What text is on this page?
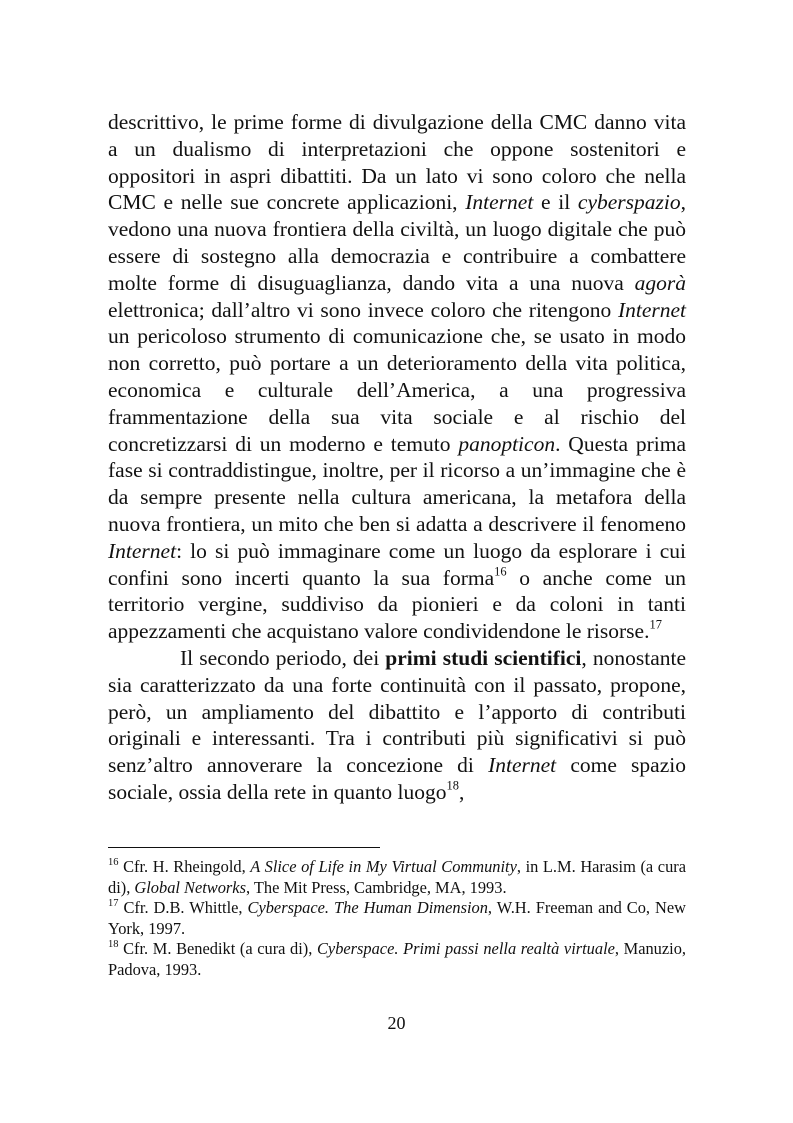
descrittivo, le prime forme di divulgazione della CMC danno vita a un dualismo di interpretazioni che oppone sostenitori e oppositori in aspri dibattiti. Da un lato vi sono coloro che nella CMC e nelle sue concrete applicazioni, Internet e il cyberspazio, vedono una nuova frontiera della civiltà, un luogo digitale che può essere di sostegno alla democrazia e contribuire a combattere molte forme di disuguaglianza, dando vita a una nuova agorà elettronica; dall’altro vi sono invece coloro che ritengono Internet un pericoloso strumento di comunicazione che, se usato in modo non corretto, può portare a un deterioramento della vita politica, economica e culturale dell’America, a una progressiva frammentazione della sua vita sociale e al rischio del concretizzarsi di un moderno e temuto panopticon. Questa prima fase si contraddistingue, inoltre, per il ricorso a un’immagine che è da sempre presente nella cultura americana, la metafora della nuova frontiera, un mito che ben si adatta a descrivere il fenomeno Internet: lo si può immaginare come un luogo da esplorare i cui confini sono incerti quanto la sua forma$^{16}$ o anche come un territorio vergine, suddiviso da pionieri e da coloni in tanti appezzamenti che acquistano valore condividendone le risorse.$^{17}$

Il secondo periodo, dei primi studi scientifici, nonostante sia caratterizzato da una forte continuità con il passato, propone, però, un ampliamento del dibattito e l’apporto di contributi originali e interessanti. Tra i contributi più significativi si può senz’altro annoverare la concezione di Internet come spazio sociale, ossia della rete in quanto luogo$^{18}$,

$^{16}$ Cfr. H. Rheingold, A Slice of Life in My Virtual Community, in L.M. Harasim (a cura di), Global Networks, The Mit Press, Cambridge, MA, 1993.

$^{17}$ Cfr. D.B. Whittle, Cyberspace. The Human Dimension, W.H. Freeman and Co, New York, 1997.

$^{18}$ Cfr. M. Benedikt (a cura di), Cyberspace. Primi passi nella realtà virtuale, Manuzio, Padova, 1993.

20
